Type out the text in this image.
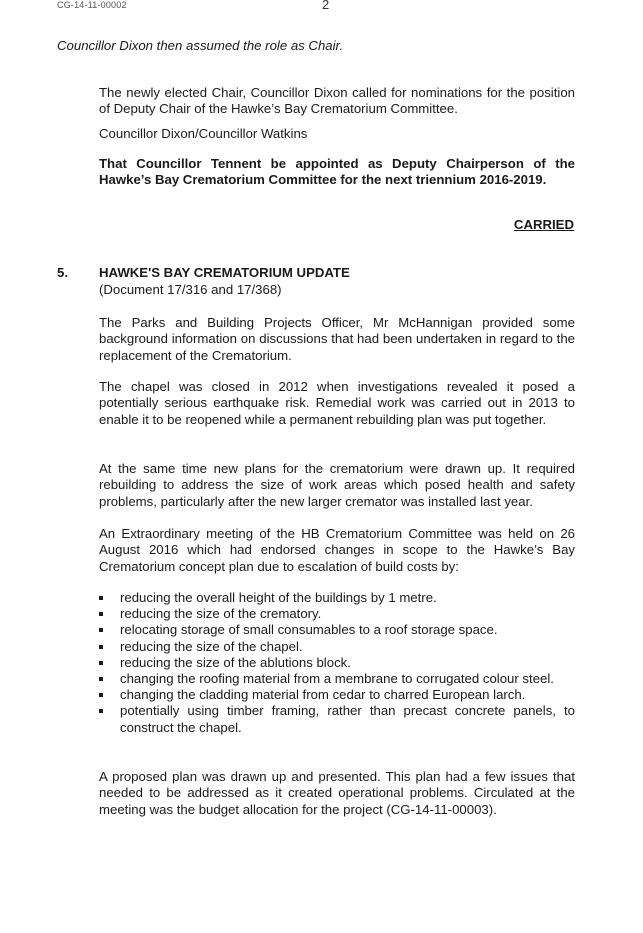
CG-14-11-00002	2
Councillor Dixon then assumed the role as Chair.

The newly elected Chair, Councillor Dixon called for nominations for the position of Deputy Chair of the Hawke’s Bay Crematorium Committee.

Councillor Dixon/Councillor Watkins

That Councillor Tennent be appointed as Deputy Chairperson of the Hawke’s Bay Crematorium Committee for the next triennium 2016-2019.

CARRIED
5. HAWKE'S BAY CREMATORIUM UPDATE
(Document 17/316 and 17/368)

The Parks and Building Projects Officer, Mr McHannigan provided some background information on discussions that had been undertaken in regard to the replacement of the Crematorium.

The chapel was closed in 2012 when investigations revealed it posed a potentially serious earthquake risk. Remedial work was carried out in 2013 to enable it to be reopened while a permanent rebuilding plan was put together.

At the same time new plans for the crematorium were drawn up. It required rebuilding to address the size of work areas which posed health and safety problems, particularly after the new larger cremator was installed last year.

An Extraordinary meeting of the HB Crematorium Committee was held on 26 August 2016 which had endorsed changes in scope to the Hawke’s Bay Crematorium concept plan due to escalation of build costs by:

reducing the overall height of the buildings by 1 metre.
reducing the size of the crematory.
relocating storage of small consumables to a roof storage space.
reducing the size of the chapel.
reducing the size of the ablutions block.
changing the roofing material from a membrane to corrugated colour steel.
changing the cladding material from cedar to charred European larch.
potentially using timber framing, rather than precast concrete panels, to construct the chapel.

A proposed plan was drawn up and presented. This plan had a few issues that needed to be addressed as it created operational problems. Circulated at the meeting was the budget allocation for the project (CG-14-11-00003).
